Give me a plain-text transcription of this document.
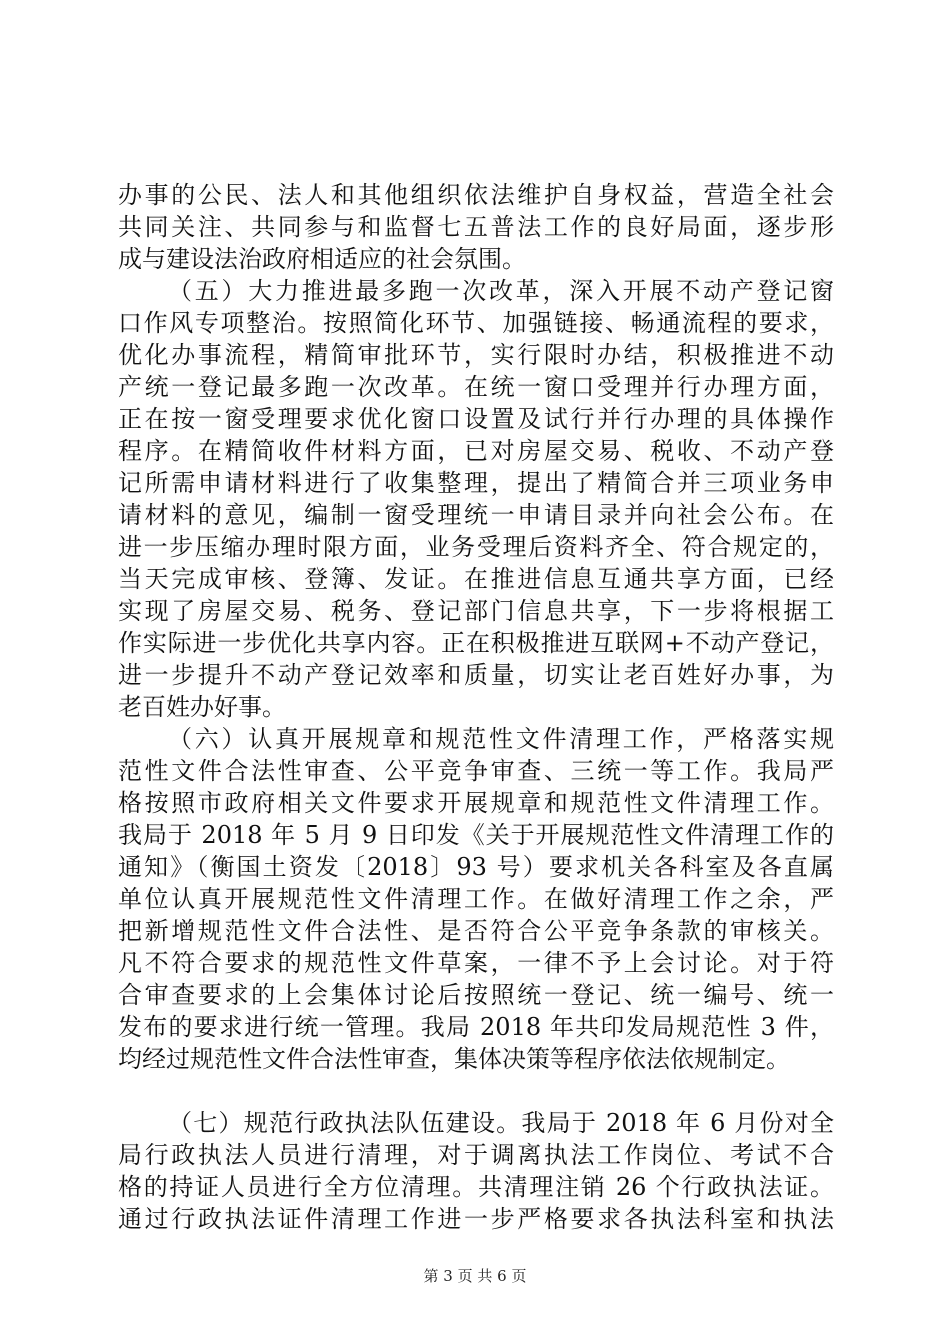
办事的公民、法人和其他组织依法维护自身权益，营造全社会
共同关注、共同参与和监督七五普法工作的良好局面，逐步形
成与建设法治政府相适应的社会氛围。
（五）大力推进最多跑一次改革，深入开展不动产登记窗
口作风专项整治。按照简化环节、加强链接、畅通流程的要求，
优化办事流程，精简审批环节，实行限时办结，积极推进不动
产统一登记最多跑一次改革。在统一窗口受理并行办理方面，
正在按一窗受理要求优化窗口设置及试行并行办理的具体操作
程序。在精简收件材料方面，已对房屋交易、税收、不动产登
记所需申请材料进行了收集整理，提出了精简合并三项业务申
请材料的意见，编制一窗受理统一申请目录并向社会公布。在
进一步压缩办理时限方面，业务受理后资料齐全、符合规定的，
当天完成审核、登簿、发证。在推进信息互通共享方面，已经
实现了房屋交易、税务、登记部门信息共享，下一步将根据工
作实际进一步优化共享内容。正在积极推进互联网+不动产登记，
进一步提升不动产登记效率和质量，切实让老百姓好办事，为
老百姓办好事。
（六）认真开展规章和规范性文件清理工作，严格落实规
范性文件合法性审查、公平竞争审查、三统一等工作。我局严
格按照市政府相关文件要求开展规章和规范性文件清理工作。
我局于 2018 年 5 月 9 日印发《关于开展规范性文件清理工作的
通知》（衡国土资发〔2018〕93 号）要求机关各科室及各直属
单位认真开展规范性文件清理工作。在做好清理工作之余，严
把新增规范性文件合法性、是否符合公平竞争条款的审核关。
凡不符合要求的规范性文件草案，一律不予上会讨论。对于符
合审查要求的上会集体讨论后按照统一登记、统一编号、统一
发布的要求进行统一管理。我局 2018 年共印发局规范性 3 件，
均经过规范性文件合法性审查，集体决策等程序依法依规制定。
（七）规范行政执法队伍建设。我局于 2018 年 6 月份对全
局行政执法人员进行清理，对于调离执法工作岗位、考试不合
格的持证人员进行全方位清理。共清理注销 26 个行政执法证。
通过行政执法证件清理工作进一步严格要求各执法科室和执法
第 3 页 共 6 页
